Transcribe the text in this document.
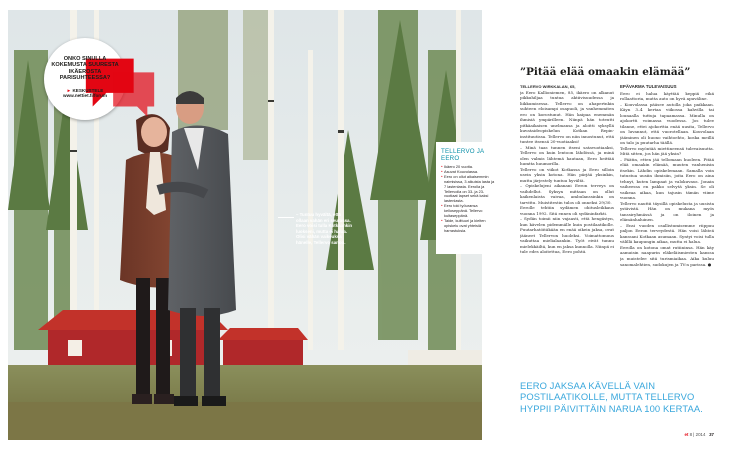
ONKO SINULLA KOKEMUSTA SUURESTA IKÄEROSTA PARISUHTEESSA?
► KESKUSTELE
www.nettiet.fi/forum
– Tuntuu hyvältä, että ollaan vahän eri seurassa. Eero voisi tulla Kotkaankin luokseni, mutta ei halua. Olisi vähän vaikeuksa hänelle, Tellervo sanoo.
TELLERVO JA EERO
● Ikäero 20 vuotta.
● Asuvat Kouvolassa.
● Eero on ollut aikaisemmin naimisissa, 3 aikuista lasta ja 7 lastenlasta. Eerolla ja Tellervolla on 33- ja 23-vuotiaat lapset sekä kaksi lastenlasta.
● Eero toki työuransa kelloseppänä. Tellervo kultaseppänä.
● Taide, kulttuuri ja kielten opiskelu ovat yhteisiä harrastuksia.
”Pitää elää omaakin elämää”

TELLERVO WIRKKALAN, 65,

ja Eero Kallioniemen, 85, ikäero on alkanut pikkuhiljaa tuntua aktiivisuudessa ja liikkumisessa. Tellervo on ahapertnkin suhteen eloisampi osapuoli, ja vanhemmiten ero on korostunut. Hän kaipaa enemmän ihmisiä ympärilleen. Niinpä hän toteutti pitkäaikaisen unelmansa ja aloitti syksyllä kuvataideopiskelun Kotkan Repin-instituutissa. Tellervo on niin innostunut, että tuntee itsensä 20-vuotiaaksi!

– Minä taas tunnen itseni satavuotiaaksi, Tellervo on kuin lentoon lähdössä, ja minä olen valmis lähtemä hautaan, Eero heittää humtta huumorilla.

Tellervo on viikot Kotkassa ja Eero silloin usein yksin kotona. Hän pärjää yksinkin, mutta järjestely tuntuu hyvältä.

– Opiskelujeni aikanani Eeron terveys on vaihdellut. Syksyn mittaan on ollut kaikenlaista vaivaa, ambulanssinkin on tarvittu. Muistitestin tulos oli onneksi 29/30.

Eerolle tehtiin sydämen ohitusleikkaus vuonna 1992. Sitä ennen oli sydäninfarkti.

– Sydän toimii niin vajaasti, että hengästyn, kun kävelen pidemmälle kuin postilaatikolle. Puutarhatöitäkään en enää oikein jaksa, ovat jääneet Tellervon huoleksi. Voimattomuus vaikuttaa mielialaankin. Työt eivät tunnu mielekkäiltä, kun en jaksa kunnolla. Niinpä ei tule edes aloitettua, Eero pohtii.

EPÄVARMA TULEVAISUUS

Eero ei halua käyttää keppiä eikä rollaattoria, mutta auto on hyvä apuväline.

– Kouvolassa pääsee autolla joka paikkaan. Käyn 3–4 kertaa viikossa kahvilla tai lounaalla tuttuja tapaamassa. Minulla on ajokortti voimassa vuodessa. Jos tulee tilanne, ettei ajokorttia enää uusita, Tellervo on luvannut, että vuorotellaan. Kouvolaan jääminen oli huono vaihtoehto, koska meillä on talo ja puutarha täällä.

Tellervo myöntää miettineensä tulevaisuutta. Mitä sitten, jos hän jää yksin?

– Päätin, etten jää tellomaan huoleen. Pitää elää omaakin elämää, muuten vanhenisin itsekin. Lähdin opiskelemaan. Samalla voin tutustua uusiin ihmisiin, joita Eero on aina tehnyt, kuten lampaat ja valokuvaus. Jonain vaiheessa en pakko selvytä yksin. Se oli vaikeaa aikaa, kun tajusin tämän viime vuonna.

Tellervo nauttii täysillä opiskelusta ja uusista ystävistä. Hän on mukana myös tanssiryhmässä ja on iloinen ja elämänhaluinen.

– Ensi vuoden osallistumisemme riippuu paljon Eeron terveydestä. Hän voisi lähteä kanssani Kotkaan asumaan. Syntyi voisi tulla välillä kaupungin aikaa, mutta ei halua.

Eerolla on kotona omat rutiininsa. Hän käy aamuisin naapurin eläkeläismiesten kanssa ja muistelee sitä turismiaikaa. Aika kuluu sanomalehtien, sudokujen ja TV:n parissa. ●

EERO JAKSAA KÄVELLÄ VAIN POSTILAATIKOLLE, MUTTA TELLERVO HYPPII PÄIVITTÄIN NARUA 100 KERTAA.
et 8 | 2014 37
